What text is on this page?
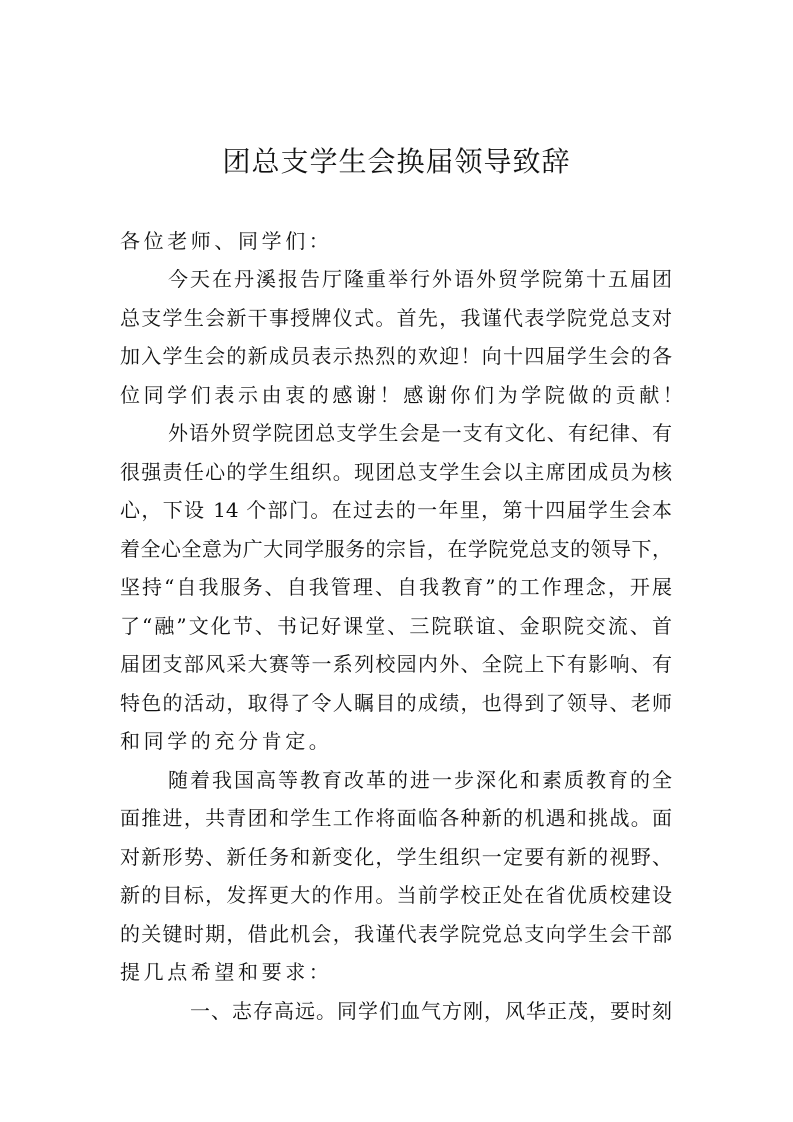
团总支学生会换届领导致辞
各位老师、同学们：
今天在丹溪报告厅隆重举行外语外贸学院第十五届团
总支学生会新干事授牌仪式。首先，我谨代表学院党总支对
加入学生会的新成员表示热烈的欢迎！向十四届学生会的各
位同学们表示由衷的感谢！感谢你们为学院做的贡献！
外语外贸学院团总支学生会是一支有文化、有纪律、有
很强责任心的学生组织。现团总支学生会以主席团成员为核
心，下设 14 个部门。在过去的一年里，第十四届学生会本
着全心全意为广大同学服务的宗旨，在学院党总支的领导下，
坚持“自我服务、自我管理、自我教育”的工作理念，开展
了“融”文化节、书记好课堂、三院联谊、金职院交流、首
届团支部风采大赛等一系列校园内外、全院上下有影响、有
特色的活动，取得了令人瞩目的成绩，也得到了领导、老师
和同学的充分肯定。
随着我国高等教育改革的进一步深化和素质教育的全
面推进，共青团和学生工作将面临各种新的机遇和挑战。面
对新形势、新任务和新变化，学生组织一定要有新的视野、
新的目标，发挥更大的作用。当前学校正处在省优质校建设
的关键时期，借此机会，我谨代表学院党总支向学生会干部
提几点希望和要求：
一、志存高远。同学们血气方刚，风华正茂，要时刻
